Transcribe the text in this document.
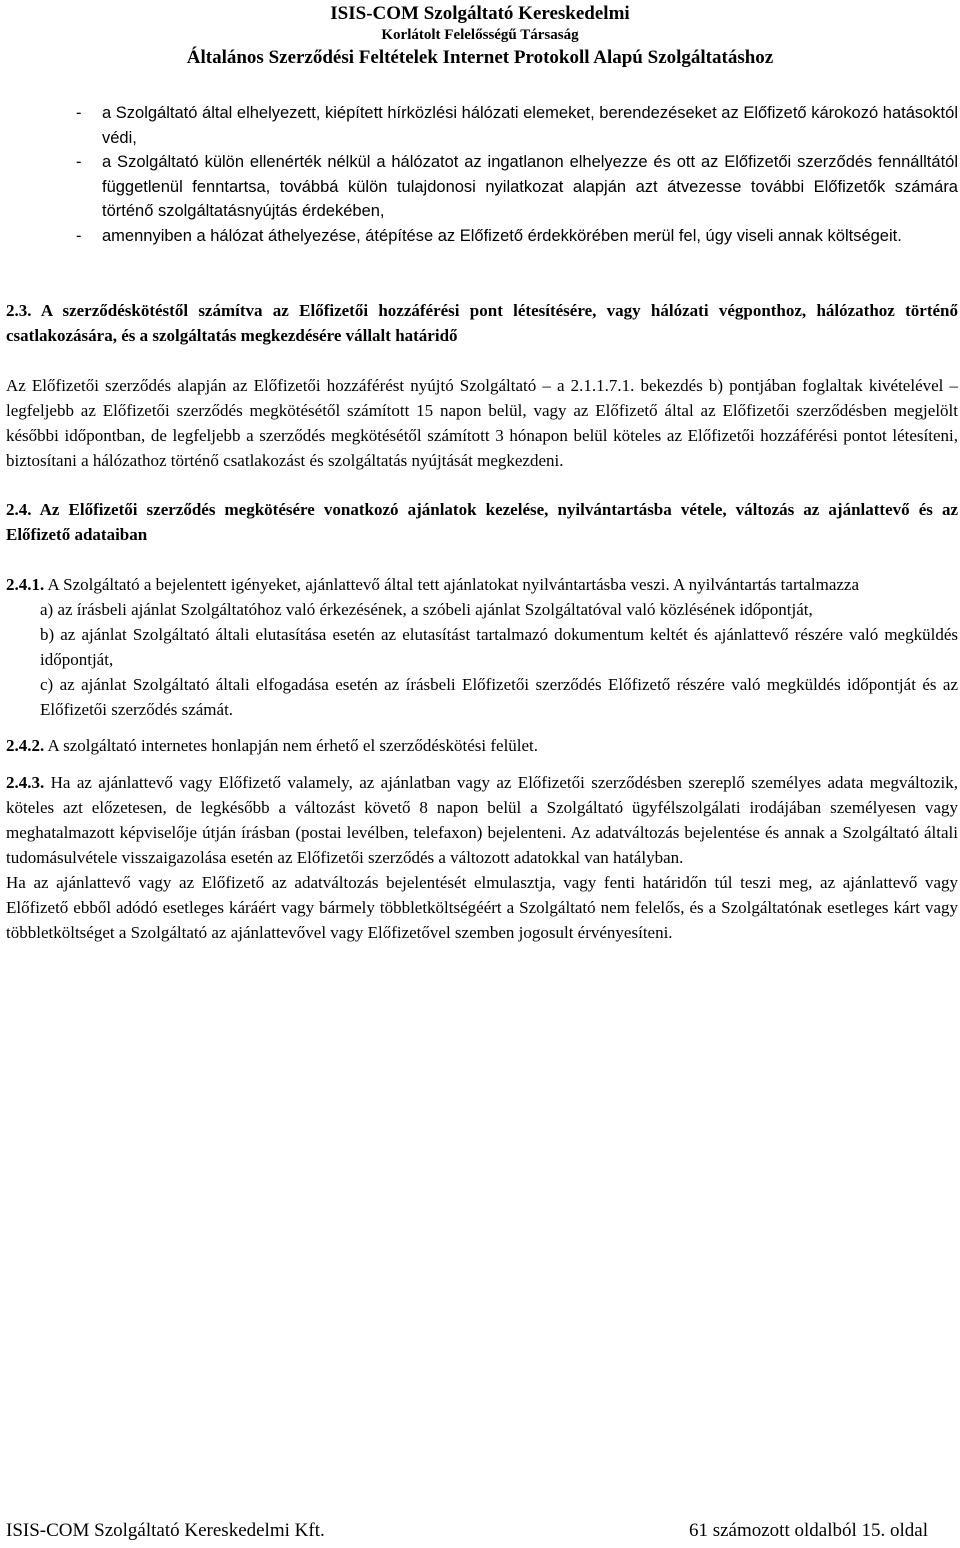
ISIS-COM Szolgáltató Kereskedelmi
Korlátolt Felelősségű Társaság
Általános Szerződési Feltételek Internet Protokoll Alapú Szolgáltatáshoz
- a Szolgáltató által elhelyezett, kiépített hírközlési hálózati elemeket, berendezéseket az Előfizető károkozó hatásoktól védi,
- a Szolgáltató külön ellenérték nélkül a hálózatot az ingatlanon elhelyezze és ott az Előfizetői szerződés fennálltától függetlenül fenntartsa, továbbá külön tulajdonosi nyilatkozat alapján azt átvezesse további Előfizetők számára történő szolgáltatásnyújtás érdekében,
- amennyiben a hálózat áthelyezése, átépítése az Előfizető érdekkörében merül fel, úgy viseli annak költségeit.

2.3. A szerződéskötéstől számítva az Előfizetői hozzáférési pont létesítésére, vagy hálózati végponthoz, hálózathoz történő csatlakozására, és a szolgáltatás megkezdésére vállalt határidő

Az Előfizetői szerződés alapján az Előfizetői hozzáférést nyújtó Szolgáltató – a 2.1.1.7.1. bekezdés b) pontjában foglaltak kivételével – legfeljebb az Előfizetői szerződés megkötésétől számított 15 napon belül, vagy az Előfizető által az Előfizetői szerződésben megjelölt későbbi időpontban, de legfeljebb a szerződés megkötésétől számított 3 hónapon belül köteles az Előfizetői hozzáférési pontot létesíteni, biztosítani a hálózathoz történő csatlakozást és szolgáltatás nyújtását megkezdeni.

2.4. Az Előfizetői szerződés megkötésére vonatkozó ajánlatok kezelése, nyilvántartásba vétele, változás az ajánlattevő és az Előfizető adataiban

2.4.1. A Szolgáltató a bejelentett igényeket, ajánlattevő által tett ajánlatokat nyilvántartásba veszi. A nyilvántartás tartalmazza

a) az írásbeli ajánlat Szolgáltatóhoz való érkezésének, a szóbeli ajánlat Szolgáltatóval való közlésének időpontját,
b) az ajánlat Szolgáltató általi elutasítása esetén az elutasítást tartalmazó dokumentum keltét és ajánlattevő részére való megküldés időpontját,
c) az ajánlat Szolgáltató általi elfogadása esetén az írásbeli Előfizetői szerződés Előfizető részére való megküldés időpontját és az Előfizetői szerződés számát.

2.4.2. A szolgáltató internetes honlapján nem érhető el szerződéskötési felület.

2.4.3. Ha az ajánlattevő vagy Előfizető valamely, az ajánlatban vagy az Előfizetői szerződésben szereplő személyes adata megváltozik, köteles azt előzetesen, de legkésőbb a változást követő 8 napon belül a Szolgáltató ügyfélszolgálati irodájában személyesen vagy meghatalmazott képviselője útján írásban (postai levélben, telefaxon) bejelenteni. Az adatváltozás bejelentése és annak a Szolgáltató általi tudomásulvétele visszaigazolása esetén az Előfizetői szerződés a változott adatokkal van hatályban.

Ha az ajánlattevő vagy az Előfizető az adatváltozás bejelentését elmulasztja, vagy fenti határidőn túl teszi meg, az ajánlattevő vagy Előfizető ebből adódó esetleges káráért vagy bármely többletköltségéért a Szolgáltató nem felelős, és a Szolgáltatónak esetleges kárt vagy többletköltséget a Szolgáltató az ajánlattevővel vagy Előfizetővel szemben jogosult érvényesíteni.

ISIS-COM Szolgáltató Kereskedelmi Kft.	61 számozott oldalból 15. oldal
